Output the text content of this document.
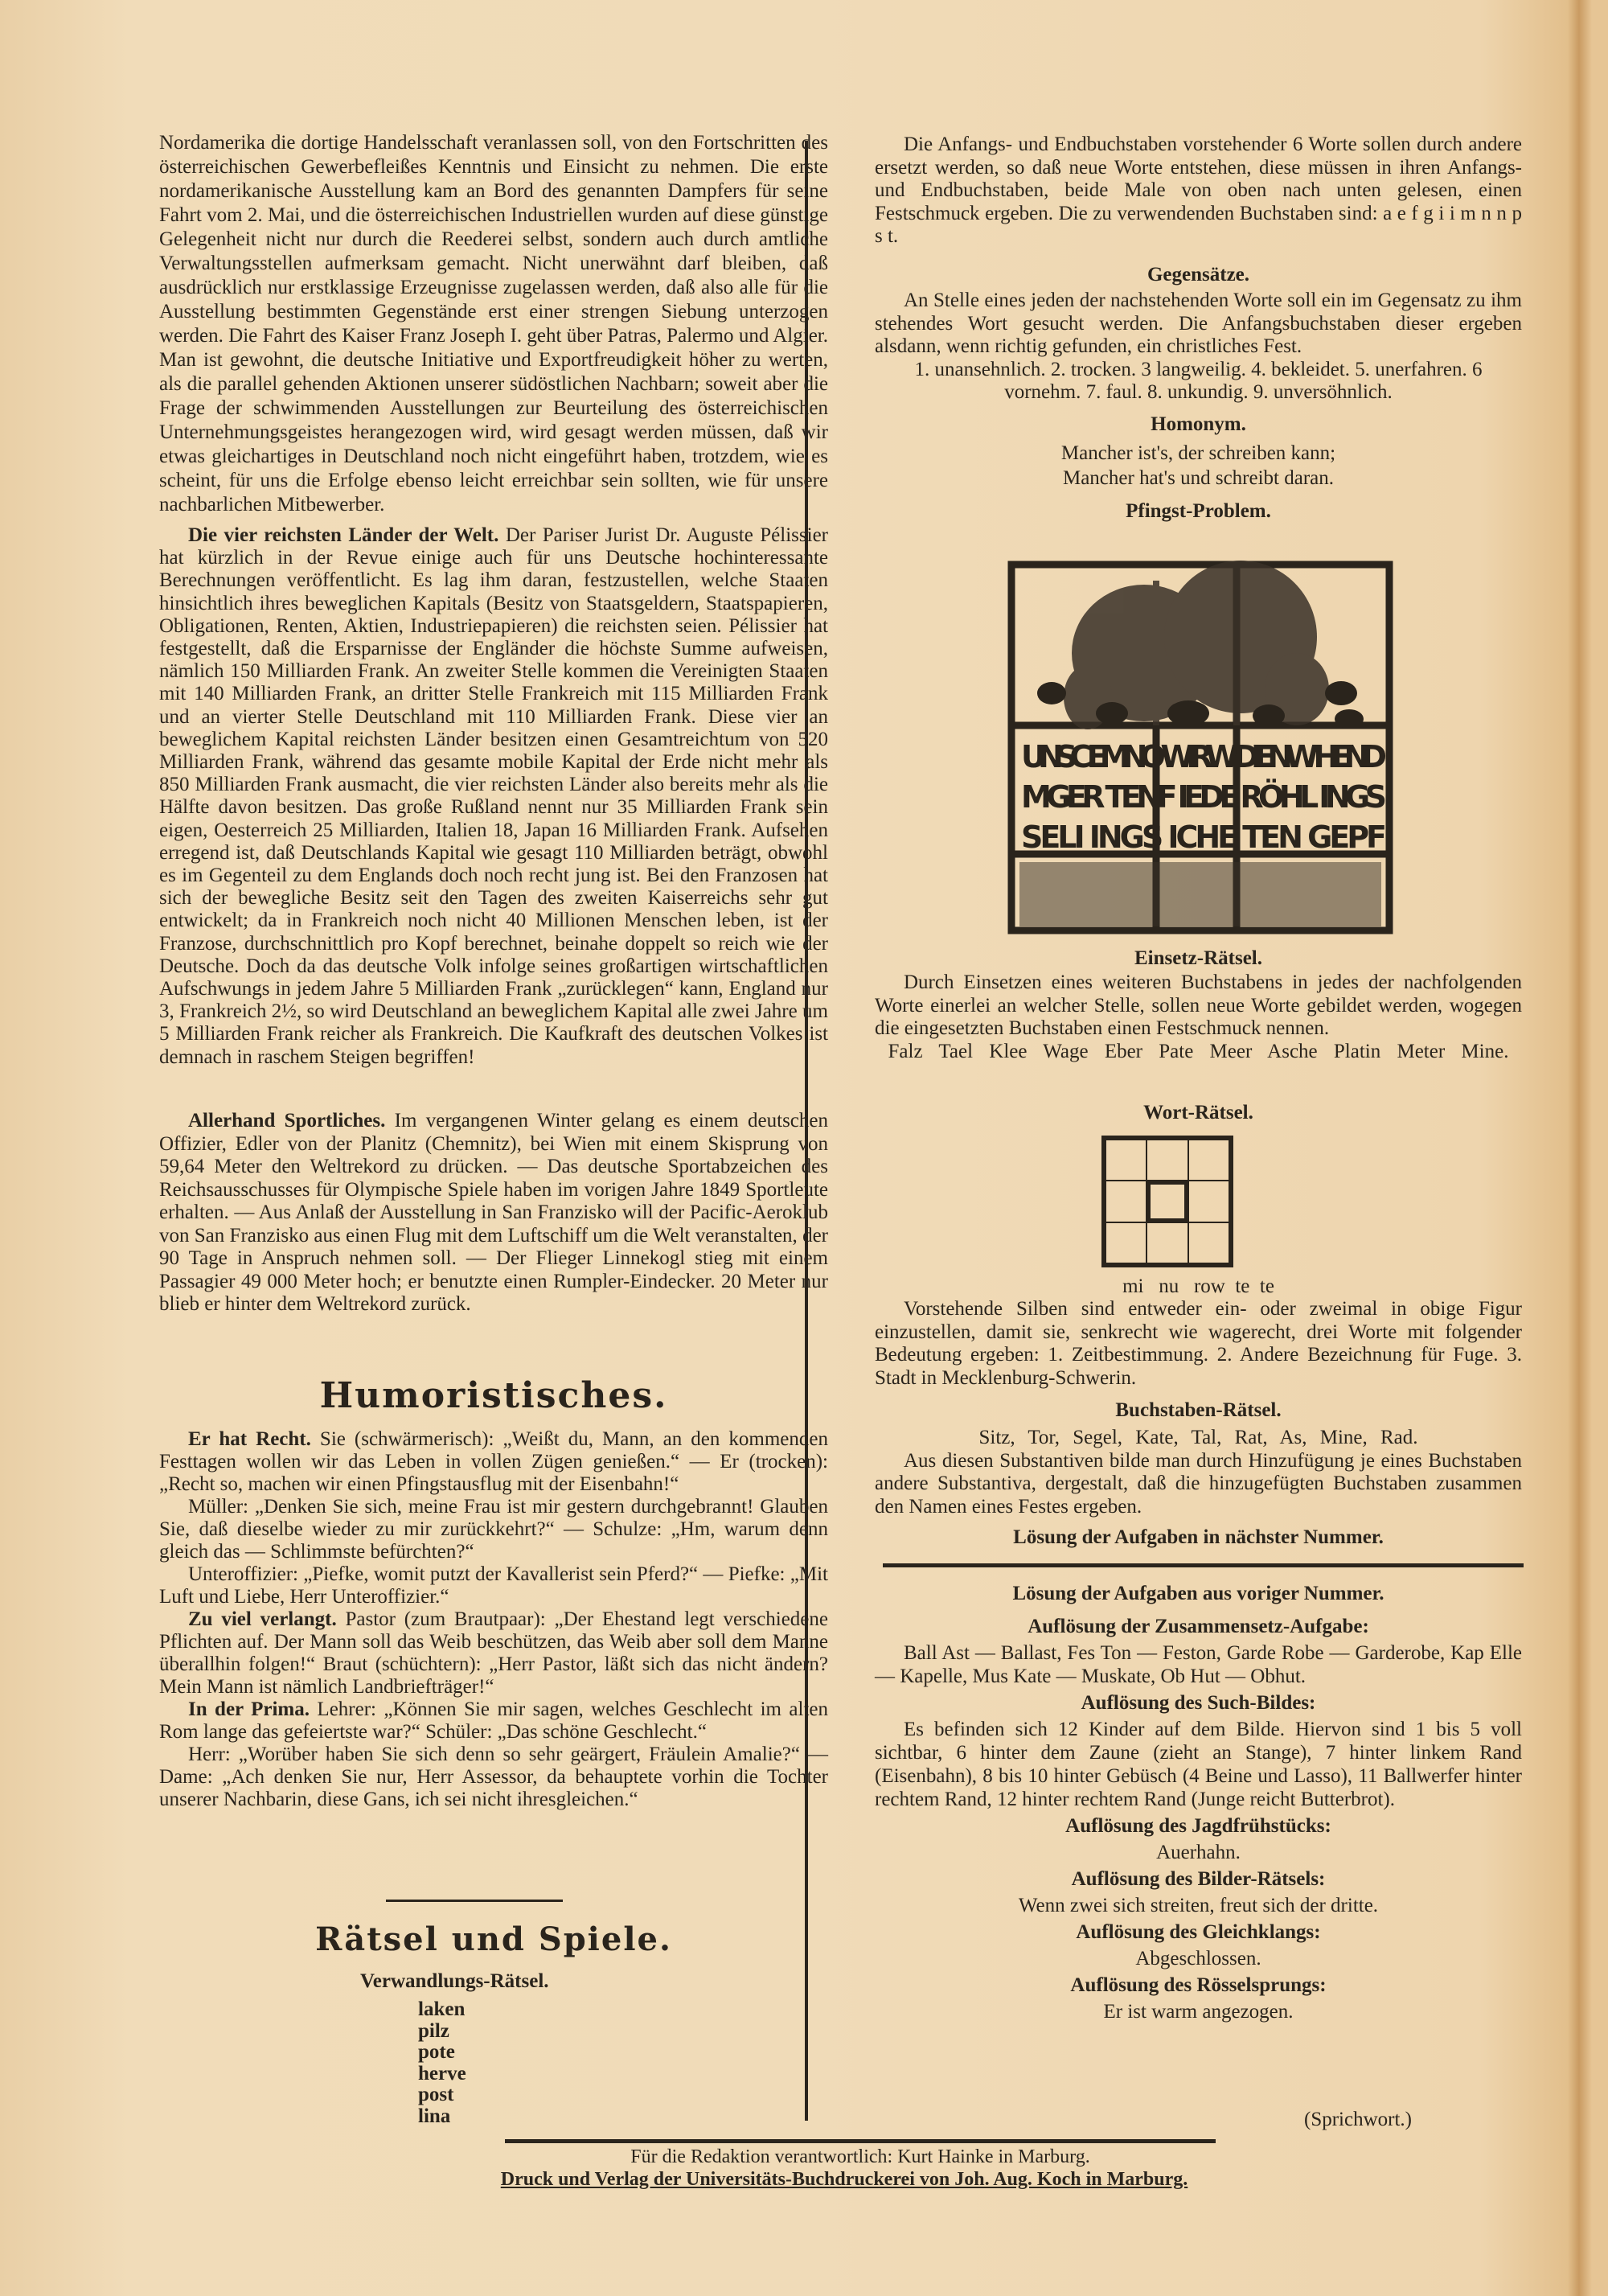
Nordamerika die dortige Handelsschaft veranlassen soll, von den Fortschritten des österreichischen Gewerbefleißes Kenntnis und Einsicht zu nehmen. Die erste nordamerikanische Ausstellung kam an Bord des genannten Dampfers für seine Fahrt vom 2. Mai, und die österreichischen Industriellen wurden auf diese günstige Gelegenheit nicht nur durch die Reederei selbst, sondern auch durch amtliche Verwaltungsstellen aufmerksam gemacht. Nicht unerwähnt darf bleiben, daß ausdrücklich nur erstklassige Erzeugnisse zugelassen werden, daß also alle für die Ausstellung bestimmten Gegenstände erst einer strengen Siebung unterzogen werden. Die Fahrt des Kaiser Franz Joseph I. geht über Patras, Palermo und Algier. Man ist gewohnt, die deutsche Initiative und Exportfreudigkeit höher zu werten, als die parallel gehenden Aktionen unserer südöstlichen Nachbarn; soweit aber die Frage der schwimmenden Ausstellungen zur Beurteilung des österreichischen Unternehmungsgeistes herangezogen wird, wird gesagt werden müssen, daß wir etwas gleichartiges in Deutschland noch nicht eingeführt haben, trotzdem, wie es scheint, für uns die Erfolge ebenso leicht erreichbar sein sollten, wie für unsere nachbarlichen Mitbewerber.

Die vier reichsten Länder der Welt. Der Pariser Jurist Dr. Auguste Pélissier hat kürzlich in der Revue einige auch für uns Deutsche hochinteressante Berechnungen veröffentlicht. Es lag ihm daran, festzustellen, welche Staaten hinsichtlich ihres beweglichen Kapitals (Besitz von Staatsgeldern, Staatspapieren, Obligationen, Renten, Aktien, Industriepapieren) die reichsten seien. Pélissier hat festgestellt, daß die Ersparnisse der Engländer die höchste Summe aufweisen, nämlich 150 Milliarden Frank. An zweiter Stelle kommen die Vereinigten Staaten mit 140 Milliarden Frank, an dritter Stelle Frankreich mit 115 Milliarden Frank und an vierter Stelle Deutschland mit 110 Milliarden Frank. Diese vier an beweglichem Kapital reichsten Länder besitzen einen Gesamtreichtum von 520 Milliarden Frank, während das gesamte mobile Kapital der Erde nicht mehr als 850 Milliarden Frank ausmacht, die vier reichsten Länder also bereits mehr als die Hälfte davon besitzen. Das große Rußland nennt nur 35 Milliarden Frank sein eigen, Oesterreich 25 Milliarden, Italien 18, Japan 16 Milliarden Frank. Aufsehen erregend ist, daß Deutschlands Kapital wie gesagt 110 Milliarden beträgt, obwohl es im Gegenteil zu dem Englands doch noch recht jung ist. Bei den Franzosen hat sich der bewegliche Besitz seit den Tagen des zweiten Kaiserreichs sehr gut entwickelt; da in Frankreich noch nicht 40 Millionen Menschen leben, ist der Franzose, durchschnittlich pro Kopf berechnet, beinahe doppelt so reich wie der Deutsche. Doch da das deutsche Volk infolge seines großartigen wirtschaftlichen Aufschwungs in jedem Jahre 5 Milliarden Frank „zurücklegen“ kann, England nur 3, Frankreich 2½, so wird Deutschland an beweglichem Kapital alle zwei Jahre um 5 Milliarden Frank reicher als Frankreich. Die Kaufkraft des deutschen Volkes ist demnach in raschem Steigen begriffen!

Allerhand Sportliches. Im vergangenen Winter gelang es einem deutschen Offizier, Edler von der Planitz (Chemnitz), bei Wien mit einem Skisprung von 59,64 Meter den Weltrekord zu drücken. — Das deutsche Sportabzeichen des Reichsausschusses für Olympische Spiele haben im vorigen Jahre 1849 Sportleute erhalten. — Aus Anlaß der Ausstellung in San Franzisko will der Pacific-Aeroklub von San Franzisko aus einen Flug mit dem Luftschiff um die Welt veranstalten, der 90 Tage in Anspruch nehmen soll. — Der Flieger Linnekogl stieg mit einem Passagier 49 000 Meter hoch; er benutzte einen Rumpler-Eindecker. 20 Meter nur blieb er hinter dem Weltrekord zurück.

Humoristisches.

Er hat Recht. Sie (schwärmerisch): „Weißt du, Mann, an den kommenden Festtagen wollen wir das Leben in vollen Zügen genießen.“ — Er (trocken): „Recht so, machen wir einen Pfingstausflug mit der Eisenbahn!“

Müller: „Denken Sie sich, meine Frau ist mir gestern durchgebrannt! Glauben Sie, daß dieselbe wieder zu mir zurückkehrt?“ — Schulze: „Hm, warum denn gleich das — Schlimmste befürchten?“

Unteroffizier: „Piefke, womit putzt der Kavallerist sein Pferd?“ — Piefke: „Mit Luft und Liebe, Herr Unteroffizier.“

Zu viel verlangt. Pastor (zum Brautpaar): „Der Ehestand legt verschiedene Pflichten auf. Der Mann soll das Weib beschützen, das Weib aber soll dem Manne überallhin folgen!“ Braut (schüchtern): „Herr Pastor, läßt sich das nicht ändern? Mein Mann ist nämlich Landbriefträger!“

In der Prima. Lehrer: „Können Sie mir sagen, welches Geschlecht im alten Rom lange das gefeiertste war?“ Schüler: „Das schöne Geschlecht.“

Herr: „Worüber haben Sie sich denn so sehr geärgert, Fräulein Amalie?“ — Dame: „Ach denken Sie nur, Herr Assessor, da behauptete vorhin die Tochter unserer Nachbarin, diese Gans, ich sei nicht ihresgleichen.“

Rätsel und Spiele.
Verwandlungs-Rätsel.
laken
pilz
pote
herve
post
lina

Die Anfangs- und Endbuchstaben vorstehender 6 Worte sollen durch andere ersetzt werden, so daß neue Worte entstehen, diese müssen in ihren Anfangs- und Endbuchstaben, beide Male von oben nach unten gelesen, einen Festschmuck ergeben. Die zu verwendenden Buchstaben sind: a e f g i i m n n p s t.

Gegensätze.

An Stelle eines jeden der nachstehenden Worte soll ein im Gegensatz zu ihm stehendes Wort gesucht werden. Die Anfangsbuchstaben dieser ergeben alsdann, wenn richtig gefunden, ein christliches Fest.

1. unansehnlich. 2. trocken. 3 langweilig. 4. bekleidet. 5. unerfahren. 6 vornehm. 7. faul. 8. unkundig. 9. unversöhnlich.

Homonym.
Mancher ist's, der schreiben kann;
Mancher hat's und schreibt daran.
Pfingst-Problem.
UNSC EMNO WIRW DIENW HEND
MGER TENF IEDE RÖHL INGS
SELI INGS ICHE TEN GEPF
Einsetz-Rätsel.

Durch Einsetzen eines weiteren Buchstabens in jedes der nachfolgenden Worte einerlei an welcher Stelle, sollen neue Worte gebildet werden, wogegen die eingesetzten Buchstaben einen Festschmuck nennen.

Falz Tael Klee Wage Eber Pate Meer Asche Platin Meter Mine.

Wort-Rätsel.
mi   nu   row  te  te

Vorstehende Silben sind entweder ein- oder zweimal in obige Figur einzustellen, damit sie, senkrecht wie wagerecht, drei Worte mit folgender Bedeutung ergeben: 1. Zeitbestimmung. 2. Andere Bezeichnung für Fuge. 3. Stadt in Mecklenburg-Schwerin.

Buchstaben-Rätsel.

Sitz, Tor, Segel, Kate, Tal, Rat, As, Mine, Rad.

Aus diesen Substantiven bilde man durch Hinzufügung je eines Buchstaben andere Substantiva, dergestalt, daß die hinzugefügten Buchstaben zusammen den Namen eines Festes ergeben.

Lösung der Aufgaben in nächster Nummer.
Lösung der Aufgaben aus voriger Nummer.
Auflösung der Zusammensetz-Aufgabe:

Ball Ast — Ballast, Fes Ton — Feston, Garde Robe — Garderobe, Kap Elle — Kapelle, Mus Kate — Muskate, Ob Hut — Obhut.

Auflösung des Such-Bildes:

Es befinden sich 12 Kinder auf dem Bilde. Hiervon sind 1 bis 5 voll sichtbar, 6 hinter dem Zaune (zieht an Stange), 7 hinter linkem Rand (Eisenbahn), 8 bis 10 hinter Gebüsch (4 Beine und Lasso), 11 Ballwerfer hinter rechtem Rand, 12 hinter rechtem Rand (Junge reicht Butterbrot).

Auflösung des Jagdfrühstücks:

Auerhahn.

Auflösung des Bilder-Rätsels:

Wenn zwei sich streiten, freut sich der dritte.

Auflösung des Gleichklangs:

Abgeschlossen.

Auflösung des Rösselsprungs:

Er ist warm angezogen.

(Sprichwort.)
Für die Redaktion verantwortlich: Kurt Hainke in Marburg.
Druck und Verlag der Universitäts-Buchdruckerei von Joh. Aug. Koch in Marburg.
